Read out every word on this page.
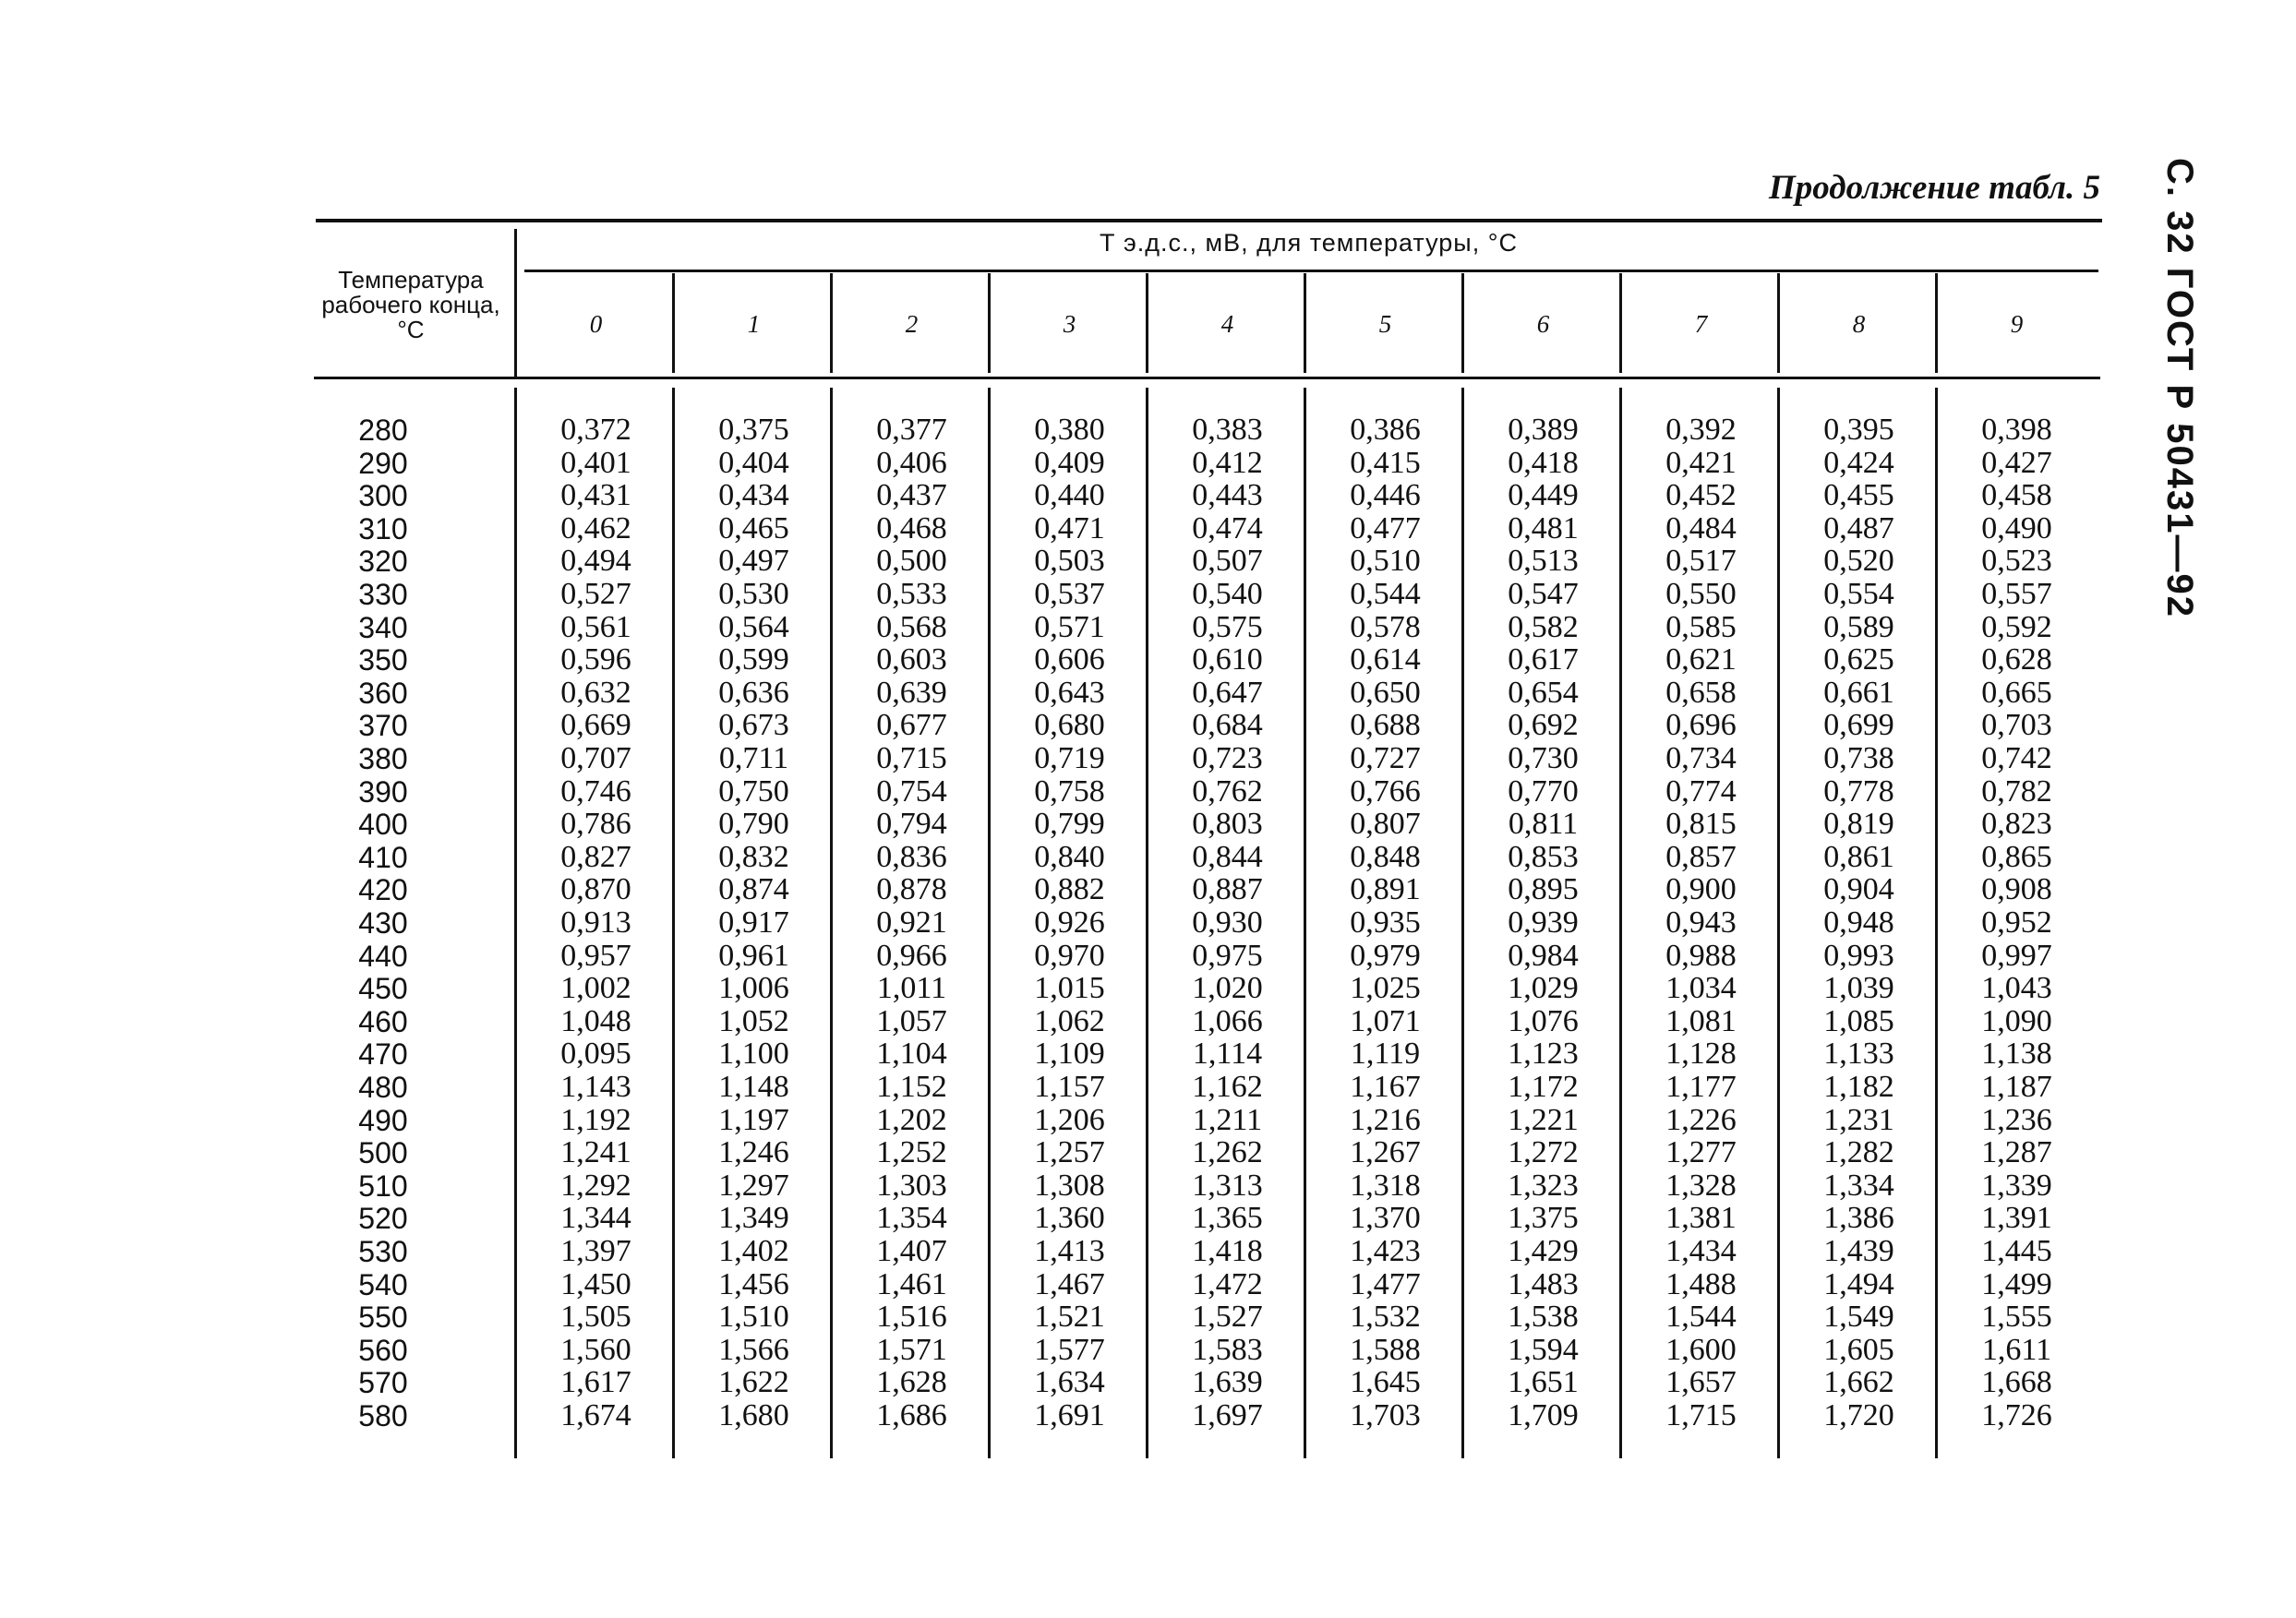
С. 32 ГОСТ Р 50431—92
Продолжение табл. 5
Температура рабочего конца, °С
Т э.д.с., мВ, для температуры, °С
0	1	2	3	4	5	6	7	8	9
280	0,372	0,375	0,377	0,380	0,383	0,386	0,389	0,392	0,395	0,398
290	0,401	0,404	0,406	0,409	0,412	0,415	0,418	0,421	0,424	0,427
300	0,431	0,434	0,437	0,440	0,443	0,446	0,449	0,452	0,455	0,458
310	0,462	0,465	0,468	0,471	0,474	0,477	0,481	0,484	0,487	0,490
320	0,494	0,497	0,500	0,503	0,507	0,510	0,513	0,517	0,520	0,523
330	0,527	0,530	0,533	0,537	0,540	0,544	0,547	0,550	0,554	0,557
340	0,561	0,564	0,568	0,571	0,575	0,578	0,582	0,585	0,589	0,592
350	0,596	0,599	0,603	0,606	0,610	0,614	0,617	0,621	0,625	0,628
360	0,632	0,636	0,639	0,643	0,647	0,650	0,654	0,658	0,661	0,665
370	0,669	0,673	0,677	0,680	0,684	0,688	0,692	0,696	0,699	0,703
380	0,707	0,711	0,715	0,719	0,723	0,727	0,730	0,734	0,738	0,742
390	0,746	0,750	0,754	0,758	0,762	0,766	0,770	0,774	0,778	0,782
400	0,786	0,790	0,794	0,799	0,803	0,807	0,811	0,815	0,819	0,823
410	0,827	0,832	0,836	0,840	0,844	0,848	0,853	0,857	0,861	0,865
420	0,870	0,874	0,878	0,882	0,887	0,891	0,895	0,900	0,904	0,908
430	0,913	0,917	0,921	0,926	0,930	0,935	0,939	0,943	0,948	0,952
440	0,957	0,961	0,966	0,970	0,975	0,979	0,984	0,988	0,993	0,997
450	1,002	1,006	1,011	1,015	1,020	1,025	1,029	1,034	1,039	1,043
460	1,048	1,052	1,057	1,062	1,066	1,071	1,076	1,081	1,085	1,090
470	0,095	1,100	1,104	1,109	1,114	1,119	1,123	1,128	1,133	1,138
480	1,143	1,148	1,152	1,157	1,162	1,167	1,172	1,177	1,182	1,187
490	1,192	1,197	1,202	1,206	1,211	1,216	1,221	1,226	1,231	1,236
500	1,241	1,246	1,252	1,257	1,262	1,267	1,272	1,277	1,282	1,287
510	1,292	1,297	1,303	1,308	1,313	1,318	1,323	1,328	1,334	1,339
520	1,344	1,349	1,354	1,360	1,365	1,370	1,375	1,381	1,386	1,391
530	1,397	1,402	1,407	1,413	1,418	1,423	1,429	1,434	1,439	1,445
540	1,450	1,456	1,461	1,467	1,472	1,477	1,483	1,488	1,494	1,499
550	1,505	1,510	1,516	1,521	1,527	1,532	1,538	1,544	1,549	1,555
560	1,560	1,566	1,571	1,577	1,583	1,588	1,594	1,600	1,605	1,611
570	1,617	1,622	1,628	1,634	1,639	1,645	1,651	1,657	1,662	1,668
580	1,674	1,680	1,686	1,691	1,697	1,703	1,709	1,715	1,720	1,726
